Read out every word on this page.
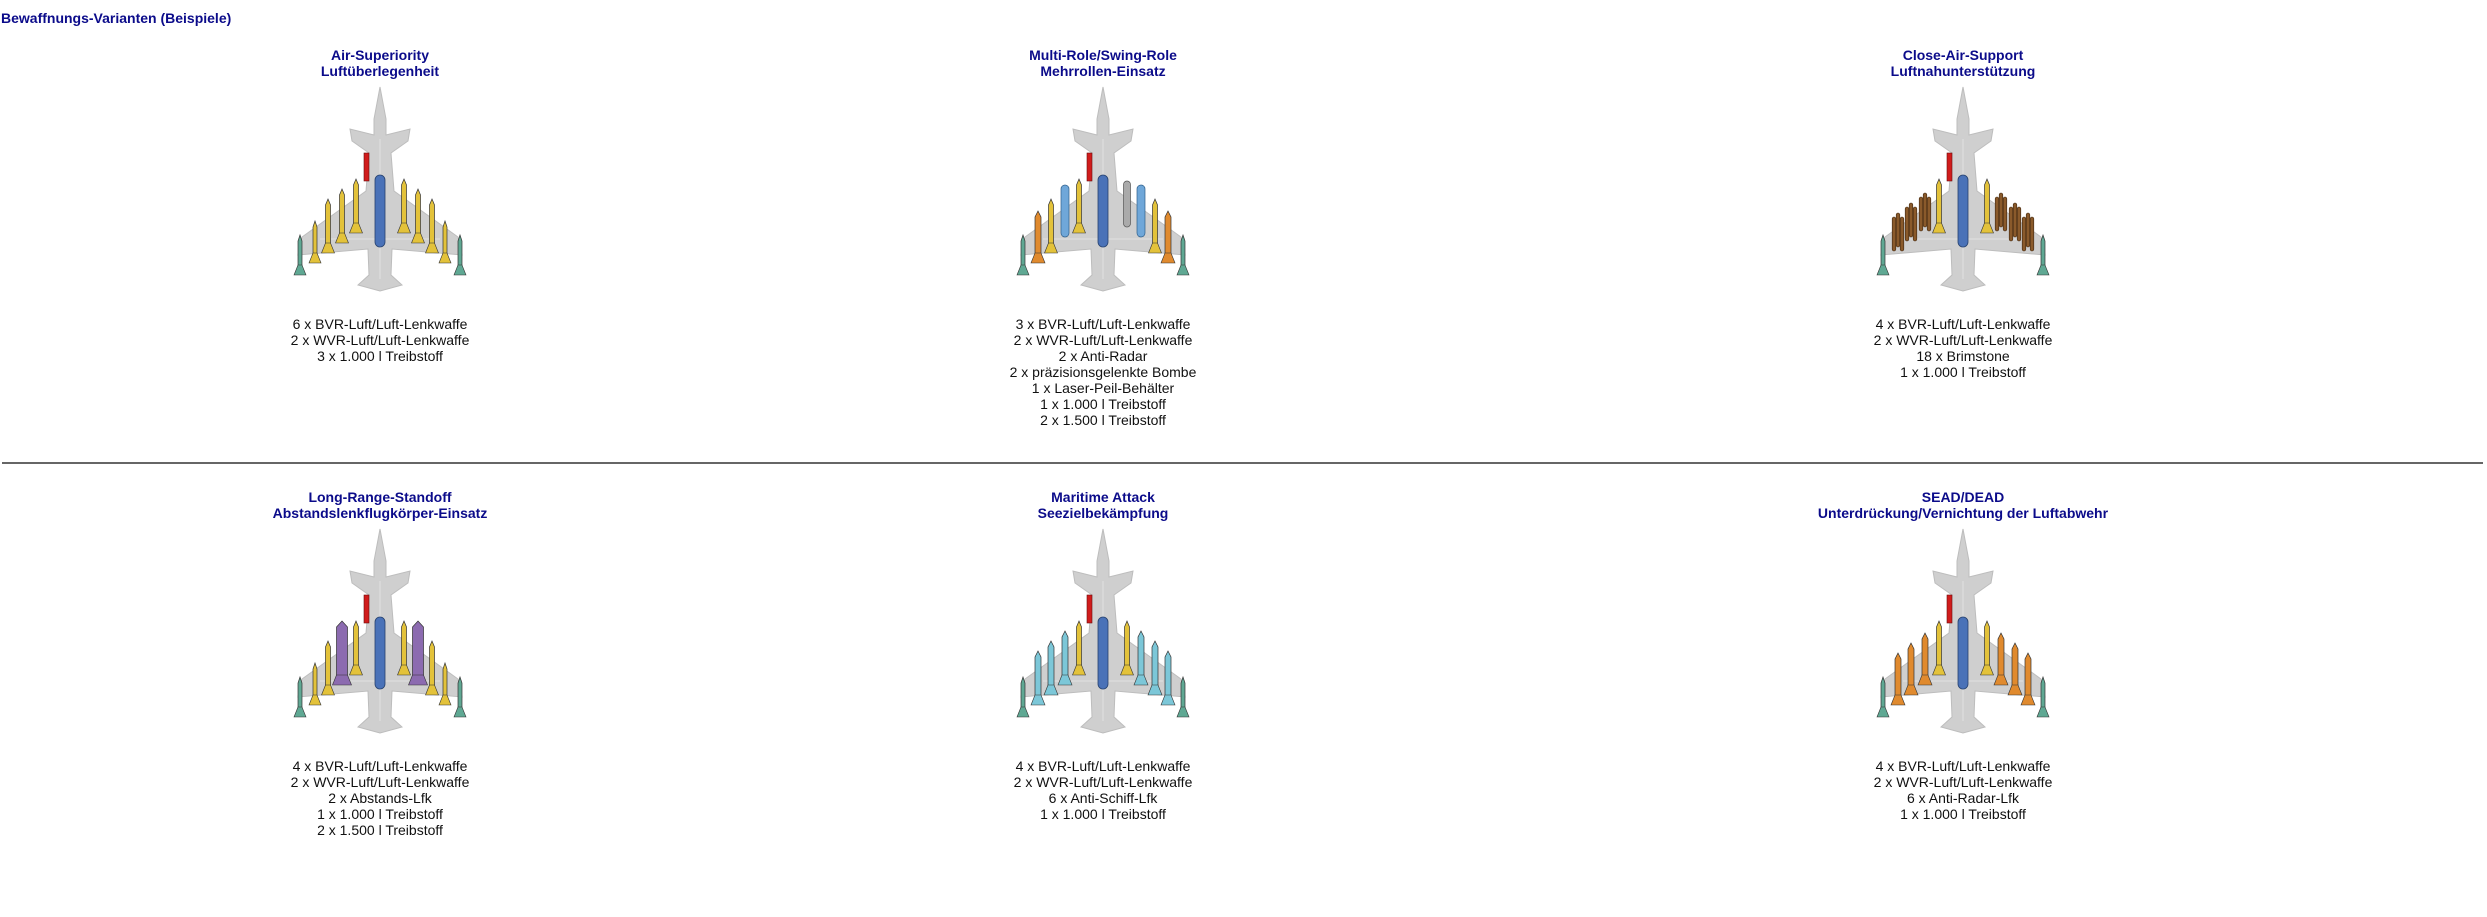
Bewaffnungs-Varianten (Beispiele)
Air-Superiority
Luftüberlegenheit
6 x BVR-Luft/Luft-Lenkwaffe
2 x WVR-Luft/Luft-Lenkwaffe
3 x 1.000 l Treibstoff
Multi-Role/Swing-Role
Mehrrollen-Einsatz
3 x BVR-Luft/Luft-Lenkwaffe
2 x WVR-Luft/Luft-Lenkwaffe
2 x Anti-Radar
2 x präzisionsgelenkte Bombe
1 x Laser-Peil-Behälter
1 x 1.000 l Treibstoff
2 x 1.500 l Treibstoff
Close-Air-Support
Luftnahunterstützung
4 x BVR-Luft/Luft-Lenkwaffe
2 x WVR-Luft/Luft-Lenkwaffe
18 x Brimstone
1 x 1.000 l Treibstoff
Long-Range-Standoff
Abstandslenkflugkörper-Einsatz
4 x BVR-Luft/Luft-Lenkwaffe
2 x WVR-Luft/Luft-Lenkwaffe
2 x Abstands-Lfk
1 x 1.000 l Treibstoff
2 x 1.500 l Treibstoff
Maritime Attack
Seezielbekämpfung
4 x BVR-Luft/Luft-Lenkwaffe
2 x WVR-Luft/Luft-Lenkwaffe
6 x Anti-Schiff-Lfk
1 x 1.000 l Treibstoff
SEAD/DEAD
Unterdrückung/Vernichtung der Luftabwehr
4 x BVR-Luft/Luft-Lenkwaffe
2 x WVR-Luft/Luft-Lenkwaffe
6 x Anti-Radar-Lfk
1 x 1.000 l Treibstoff
